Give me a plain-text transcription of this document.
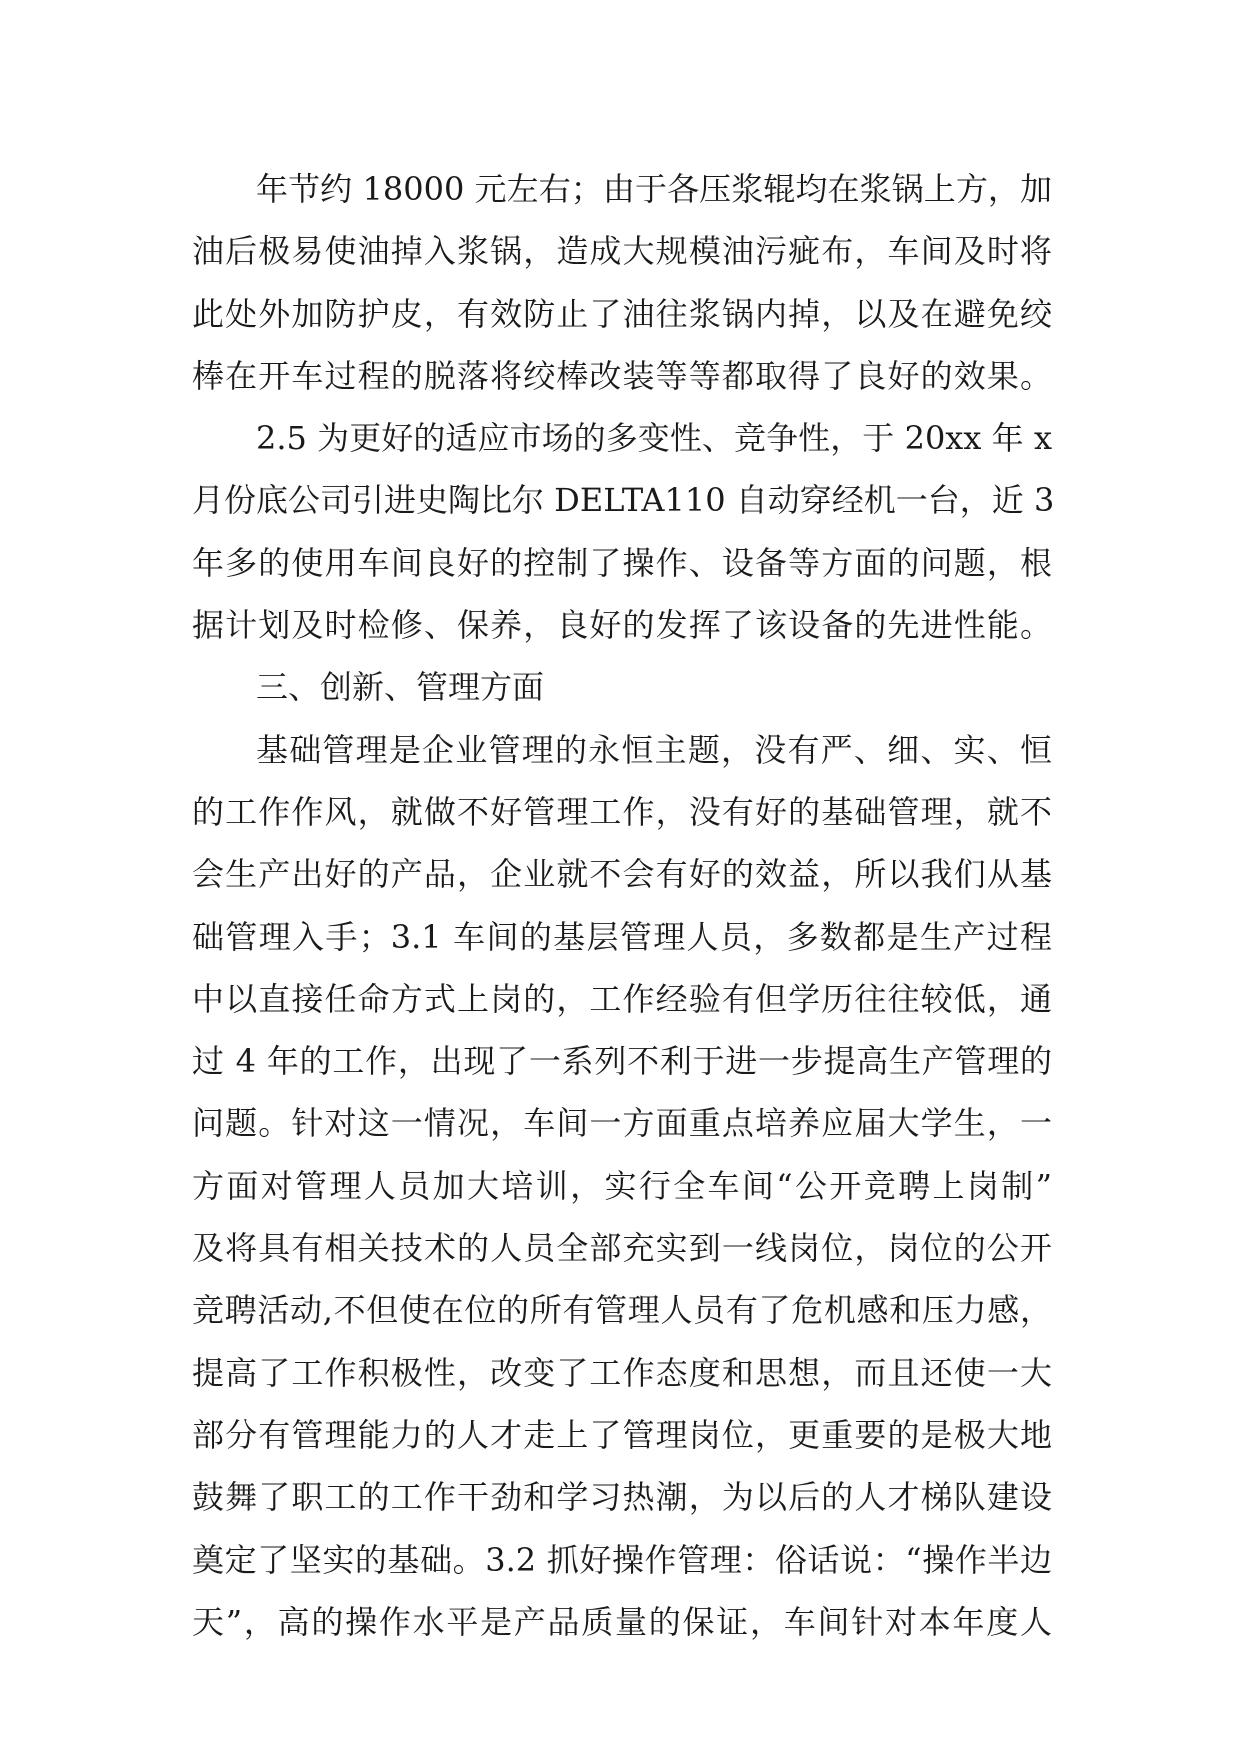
年节约 18000 元左右；由于各压浆辊均在浆锅上方，加
油后极易使油掉入浆锅，造成大规模油污疵布，车间及时将
此处外加防护皮，有效防止了油往浆锅内掉，以及在避免绞
棒在开车过程的脱落将绞棒改装等等都取得了良好的效果。
2.5 为更好的适应市场的多变性、竞争性，于 20xx 年 x
月份底公司引进史陶比尔 DELTA110 自动穿经机一台，近 3
年多的使用车间良好的控制了操作、设备等方面的问题，根
据计划及时检修、保养，良好的发挥了该设备的先进性能。
三、创新、管理方面
基础管理是企业管理的永恒主题，没有严、细、实、恒
的工作作风，就做不好管理工作，没有好的基础管理，就不
会生产出好的产品，企业就不会有好的效益，所以我们从基
础管理入手；3.1 车间的基层管理人员，多数都是生产过程
中以直接任命方式上岗的，工作经验有但学历往往较低，通
过 4 年的工作，出现了一系列不利于进一步提高生产管理的
问题。针对这一情况，车间一方面重点培养应届大学生，一
方面对管理人员加大培训，实行全车间“公开竞聘上岗制”
及将具有相关技术的人员全部充实到一线岗位，岗位的公开
竞聘活动,不但使在位的所有管理人员有了危机感和压力感，
提高了工作积极性，改变了工作态度和思想，而且还使一大
部分有管理能力的人才走上了管理岗位，更重要的是极大地
鼓舞了职工的工作干劲和学习热潮，为以后的人才梯队建设
奠定了坚实的基础。3.2 抓好操作管理：俗话说：“操作半边
天”，高的操作水平是产品质量的保证，车间针对本年度人
